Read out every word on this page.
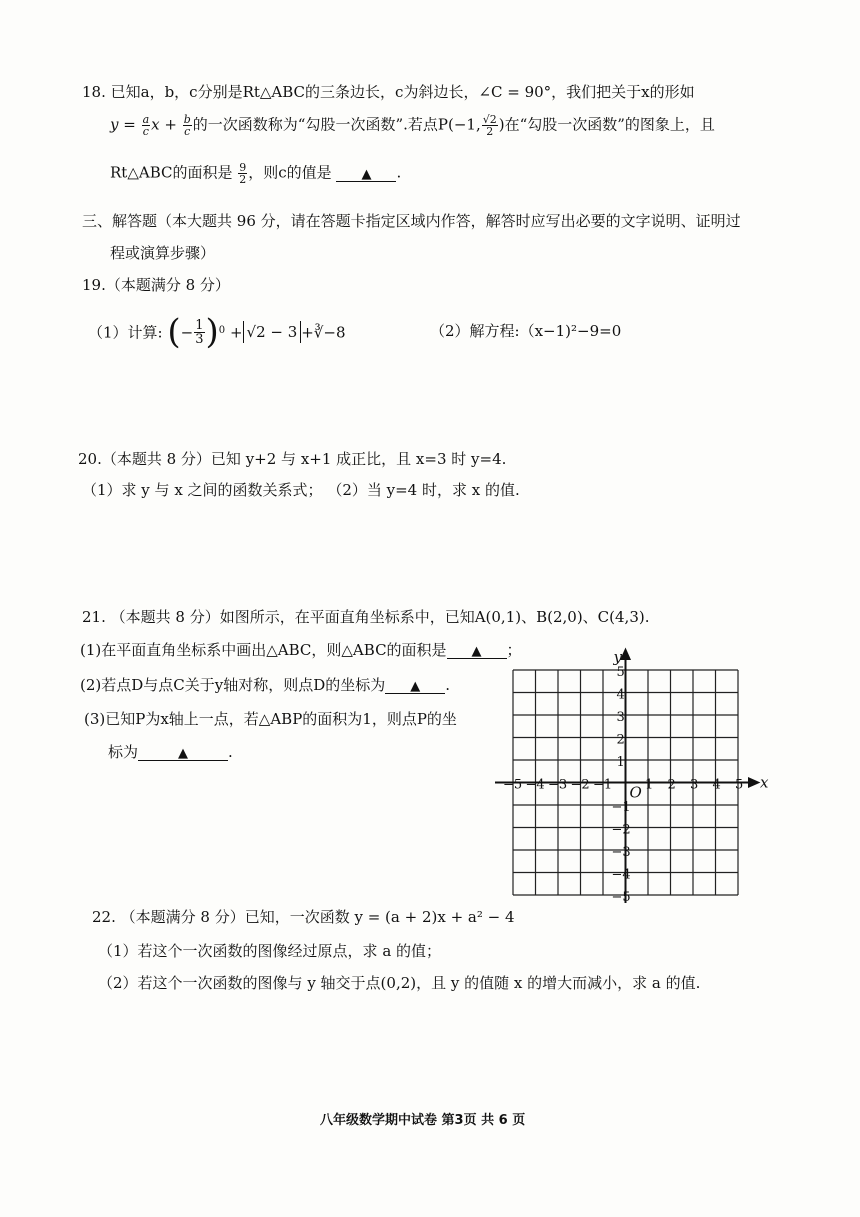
18. 已知a，b，c分别是Rt△ABC的三条边长，c为斜边长，∠C = 90°，我们把关于x的形如
$y = \frac{a}{c}$ $x + \frac{b}{c}$ 的一次函数称为“勾股一次函数”.若点P(−1, $\frac{√2}{2}$ )在“勾股一次函数”的图象上，且
Rt△ABC的面积是 $\frac{9}{2}$ ，则c的值是 ▲ .
三、解答题（本大题共 96 分，请在答题卡指定区域内作答，解答时应写出必要的文字说明、证明过
程或演算步骤）
19.（本题满分 8 分）
（1）计算: (− $\frac{1}{3} )^0 + √2 - 3$ +∛−8	（2）解方程:（x−1)²−9=0
20.（本题共 8 分）已知 y+2 与 x+1 成正比，且 x=3 时 y=4.
（1）求 y 与 x 之间的函数关系式； （2）当 y=4 时，求 x 的值.
21. （本题共 8 分）如图所示，在平面直角坐标系中，已知A(0,1)、B(2,0)、C(4,3).
(1)在平面直角坐标系中画出△ABC，则△ABC的面积是 ▲ ；
(2)若点D与点C关于y轴对称，则点D的坐标为 ▲ .
(3)已知P为x轴上一点，若△ABP的面积为1，则点P的坐
标为	▲	.
x
y
O
−5 −4 −3 −2 −1	1 2 3 4 5
5
4
3
2
1
−1
−2
−3
−4
−5
22. （本题满分 8 分）已知，一次函数 y = (a + 2)x + a² − 4
（1）若这个一次函数的图像经过原点，求 a 的值；
（2）若这个一次函数的图像与 y 轴交于点(0,2)，且 y 的值随 x 的增大而减小，求 a 的值.
八年级数学期中试卷 第3页 共 6 页
